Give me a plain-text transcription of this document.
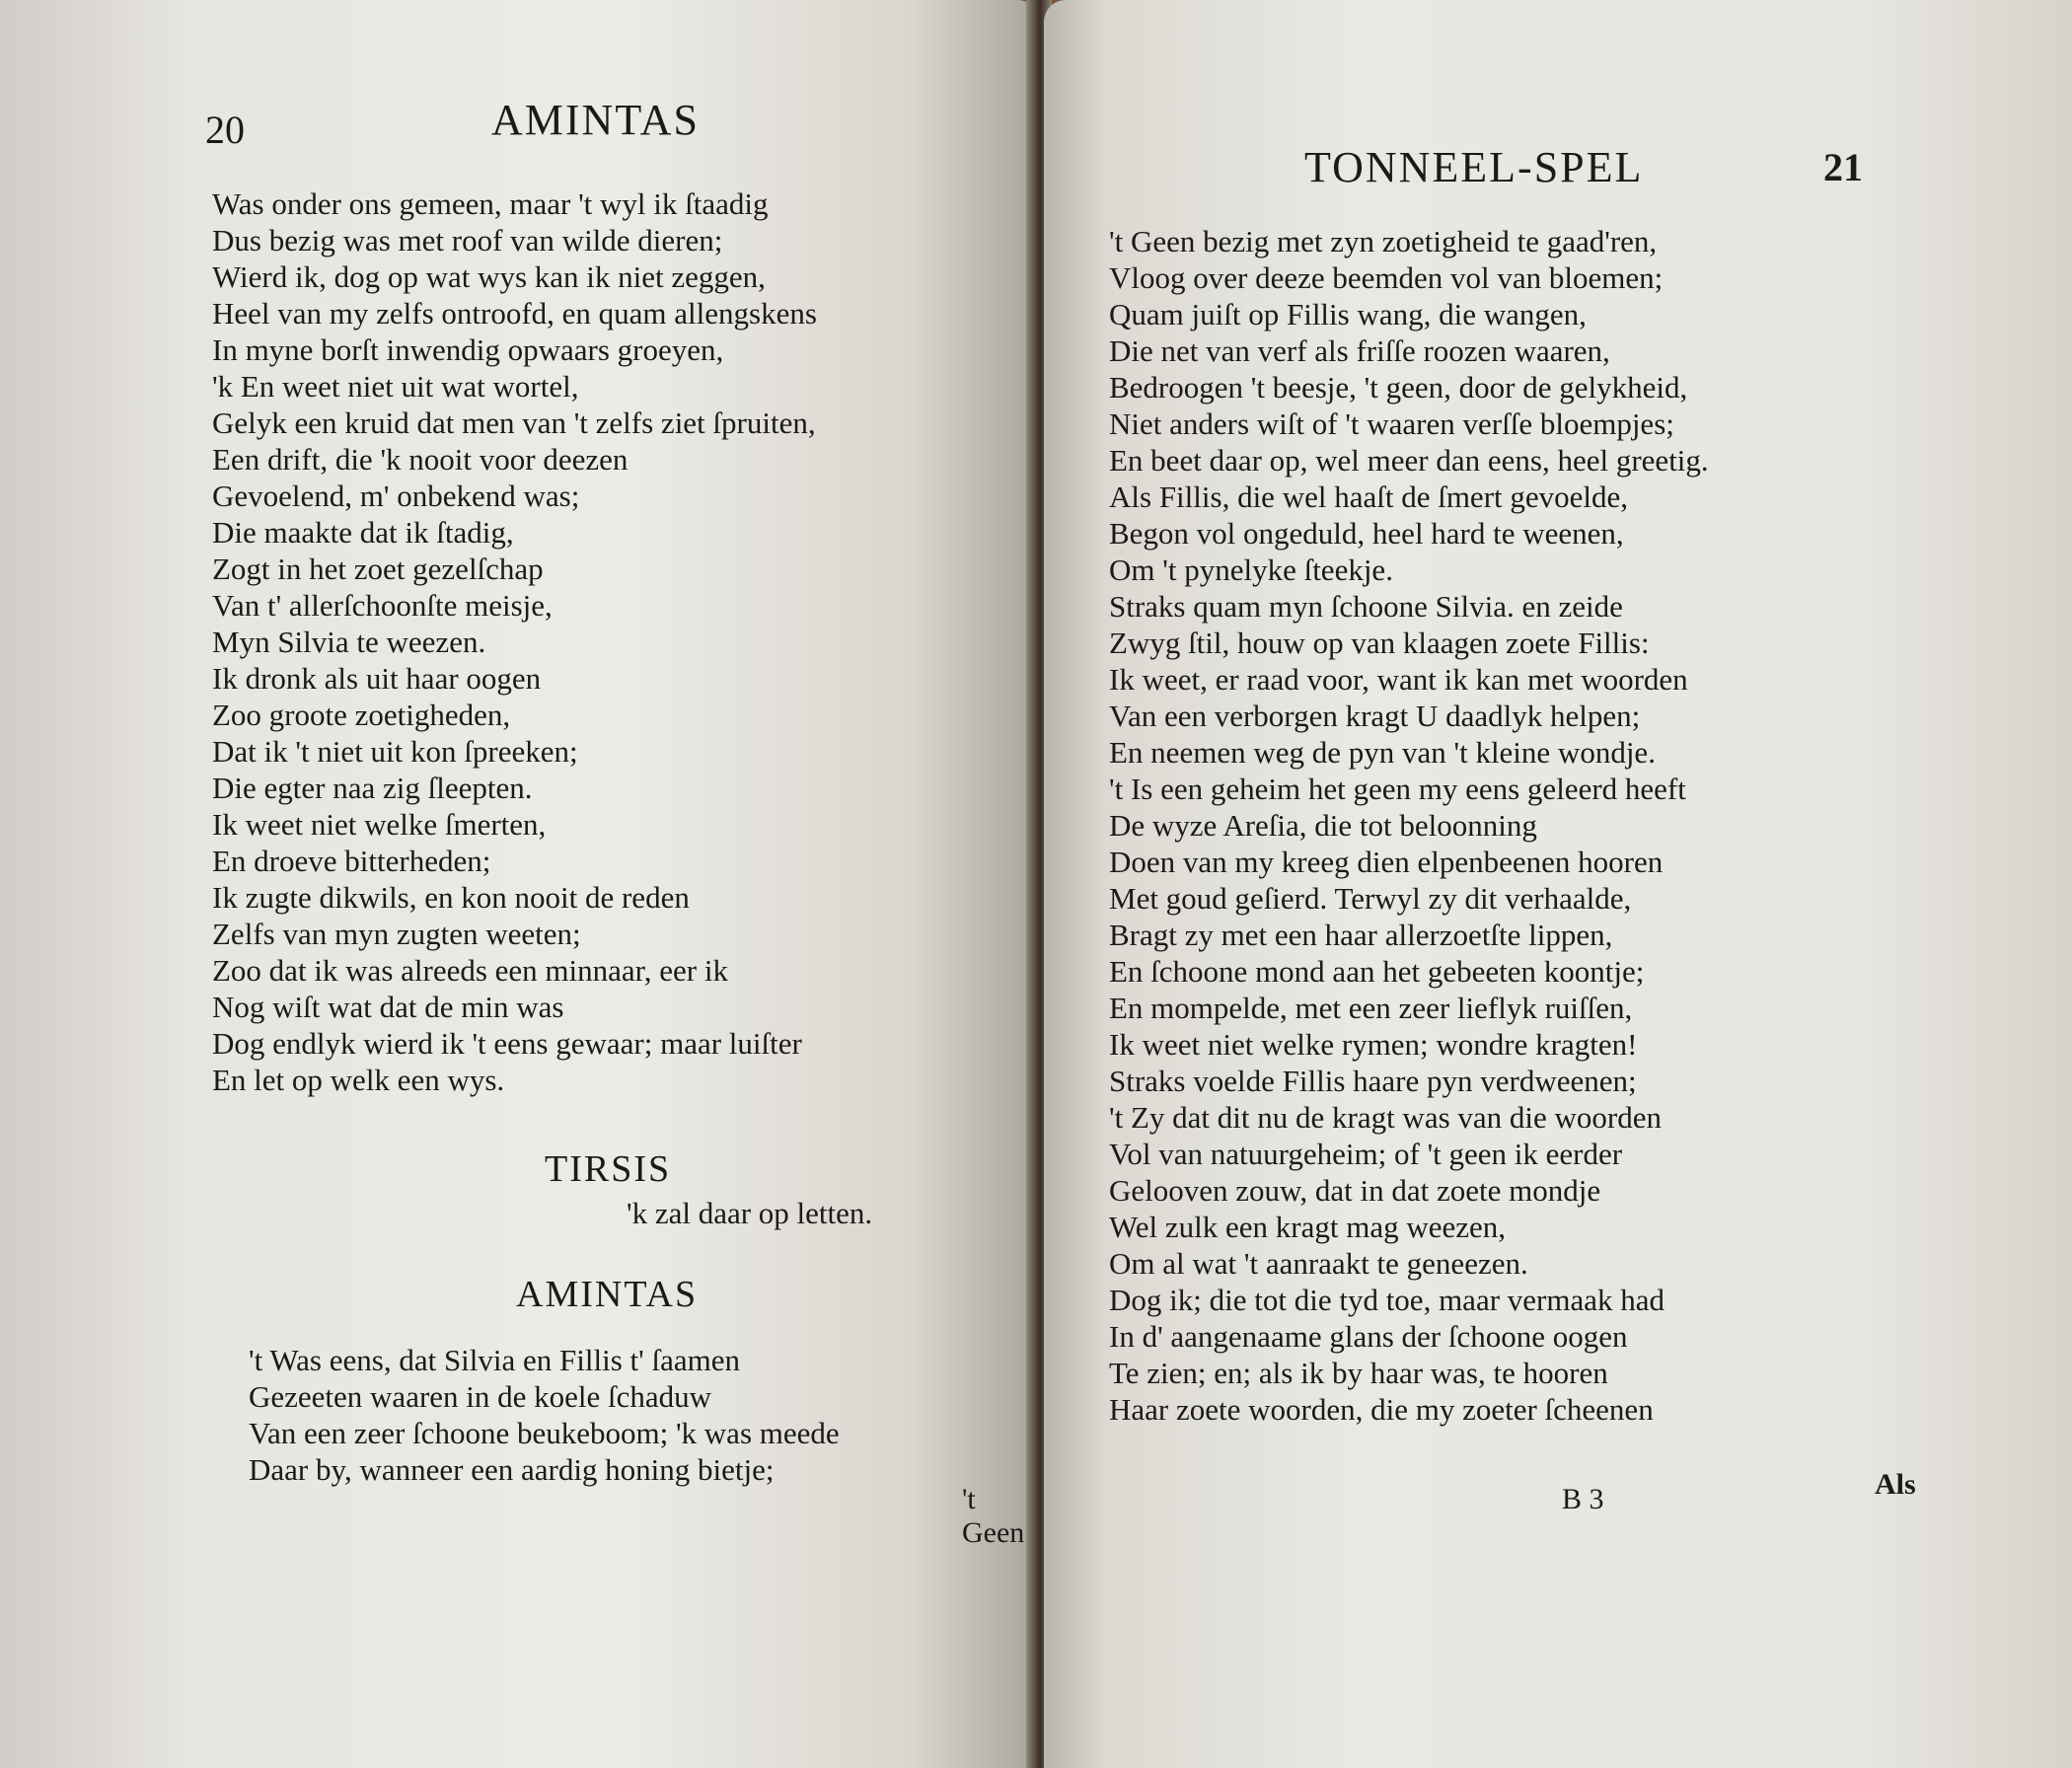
20	AMINTAS
Was onder ons gemeen, maar 't wyl ik ſtaadig
Dus bezig was met roof van wilde dieren;
Wierd ik, dog op wat wys kan ik niet zeggen,
Heel van my zelfs ontroofd, en quam allengskens
In myne borſt inwendig opwaars groeyen,
'k En weet niet uit wat wortel,
Gelyk een kruid dat men van 't zelfs ziet ſpruiten,
Een drift, die 'k nooit voor deezen
Gevoelend, m' onbekend was;
Die maakte dat ik ſtadig,
Zogt in het zoet gezelſchap
Van t' allerſchoonſte meisje,
Myn Silvia te weezen.
Ik dronk als uit haar oogen
Zoo groote zoetigheden,
Dat ik 't niet uit kon ſpreeken;
Die egter naa zig ſleepten.
Ik weet niet welke ſmerten,
En droeve bitterheden;
Ik zugte dikwils, en kon nooit de reden
Zelfs van myn zugten weeten;
Zoo dat ik was alreeds een minnaar, eer ik
Nog wiſt wat dat de min was
Dog endlyk wierd ik 't eens gewaar; maar luiſter
En let op welk een wys.
TIRSIS
'k zal daar op letten.
AMINTAS
't Was eens, dat Silvia en Fillis t' ſaamen
Gezeeten waaren in de koele ſchaduw
Van een zeer ſchoone beukeboom; 'k was meede
Daar by, wanneer een aardig honing bietje;
't Geen
TONNEEL-SPEL	21
't Geen bezig met zyn zoetigheid te gaad'ren,
Vloog over deeze beemden vol van bloemen;
Quam juiſt op Fillis wang, die wangen,
Die net van verf als friſſe roozen waaren,
Bedroogen 't beesje, 't geen, door de gelykheid,
Niet anders wiſt of 't waaren verſſe bloempjes;
En beet daar op, wel meer dan eens, heel greetig.
Als Fillis, die wel haaſt de ſmert gevoelde,
Begon vol ongeduld, heel hard te weenen,
Om 't pynelyke ſteekje.
Straks quam myn ſchoone Silvia. en zeide
Zwyg ſtil, houw op van klaagen zoete Fillis:
Ik weet, er raad voor, want ik kan met woorden
Van een verborgen kragt U daadlyk helpen;
En neemen weg de pyn van 't kleine wondje.
't Is een geheim het geen my eens geleerd heeft
De wyze Areſia, die tot beloonning
Doen van my kreeg dien elpenbeenen hooren
Met goud geſierd. Terwyl zy dit verhaalde,
Bragt zy met een haar allerzoetſte lippen,
En ſchoone mond aan het gebeeten koontje;
En mompelde, met een zeer lieflyk ruiſſen,
Ik weet niet welke rymen; wondre kragten!
Straks voelde Fillis haare pyn verdweenen;
't Zy dat dit nu de kragt was van die woorden
Vol van natuurgeheim; of 't geen ik eerder
Gelooven zouw, dat in dat zoete mondje
Wel zulk een kragt mag weezen,
Om al wat 't aanraakt te geneezen.
Dog ik; die tot die tyd toe, maar vermaak had
In d' aangenaame glans der ſchoone oogen
Te zien; en; als ik by haar was, te hooren
Haar zoete woorden, die my zoeter ſcheenen
B 3	Als
